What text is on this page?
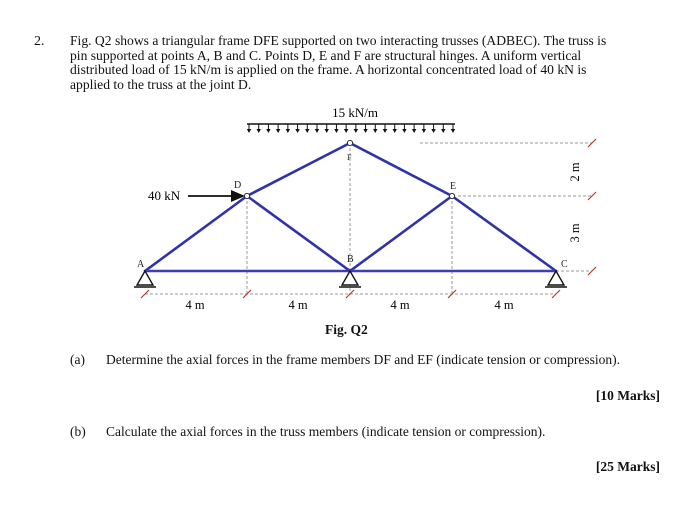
2. Fig. Q2 shows a triangular frame DFE supported on two interacting trusses (ADBEC). The truss is
pin supported at points A, B and C. Points D, E and F are structural hinges. A uniform vertical
distributed load of 15 kN/m is applied on the frame. A horizontal concentrated load of 40 kN is
applied to the truss at the joint D.
15 kN/m
A
D
F
B
E
C
40 kN
4 m	4 m	4 m	4 m
2 m
3 m
Fig. Q2
(a) Determine the axial forces in the frame members DF and EF (indicate tension or compression).
[10 Marks]
(b) Calculate the axial forces in the truss members (indicate tension or compression).
[25 Marks]
